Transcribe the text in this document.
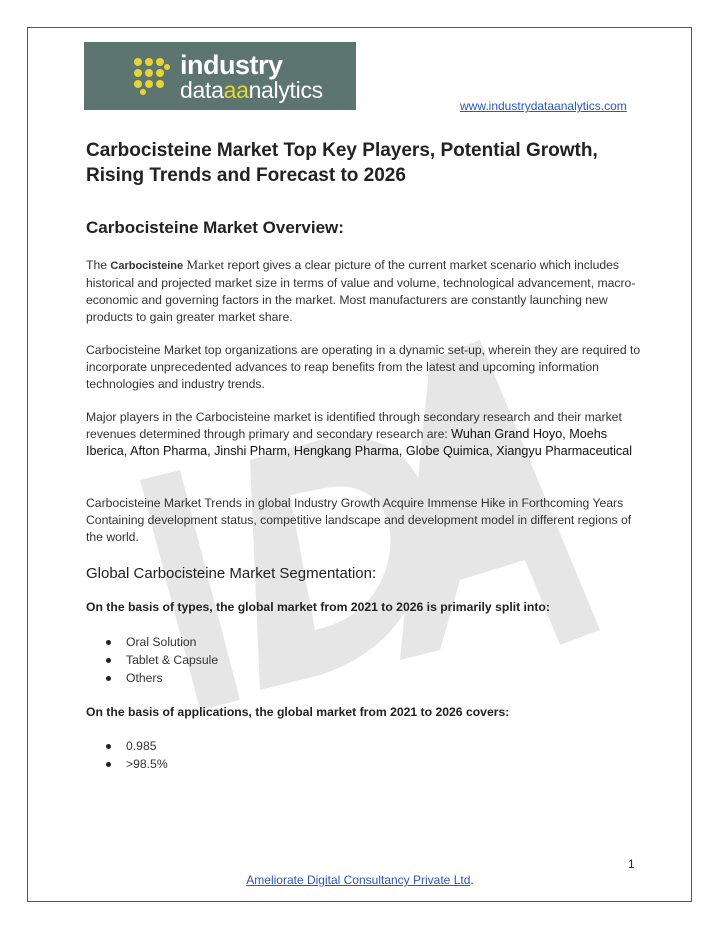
industry
dataaanalytics
www.industrydataanalytics.com
Carbocisteine Market Top Key Players, Potential Growth, Rising Trends and Forecast to 2026
Carbocisteine Market Overview:
The Carbocisteine Market report gives a clear picture of the current market scenario which includes historical and projected market size in terms of value and volume, technological advancement, macro-economic and governing factors in the market. Most manufacturers are constantly launching new products to gain greater market share.
Carbocisteine Market top organizations are operating in a dynamic set-up, wherein they are required to incorporate unprecedented advances to reap benefits from the latest and upcoming information technologies and industry trends.
Major players in the Carbocisteine market is identified through secondary research and their market revenues determined through primary and secondary research are: Wuhan Grand Hoyo, Moehs Iberica, Afton Pharma, Jinshi Pharm, Hengkang Pharma, Globe Quimica, Xiangyu Pharmaceutical
Carbocisteine Market Trends in global Industry Growth Acquire Immense Hike in Forthcoming Years Containing development status, competitive landscape and development model in different regions of the world.
Global Carbocisteine Market Segmentation:
On the basis of types, the global market from 2021 to 2026 is primarily split into:
Oral Solution
Tablet & Capsule
Others
On the basis of applications, the global market from 2021 to 2026 covers:
0.985
>98.5%
1
Ameliorate Digital Consultancy Private Ltd.
